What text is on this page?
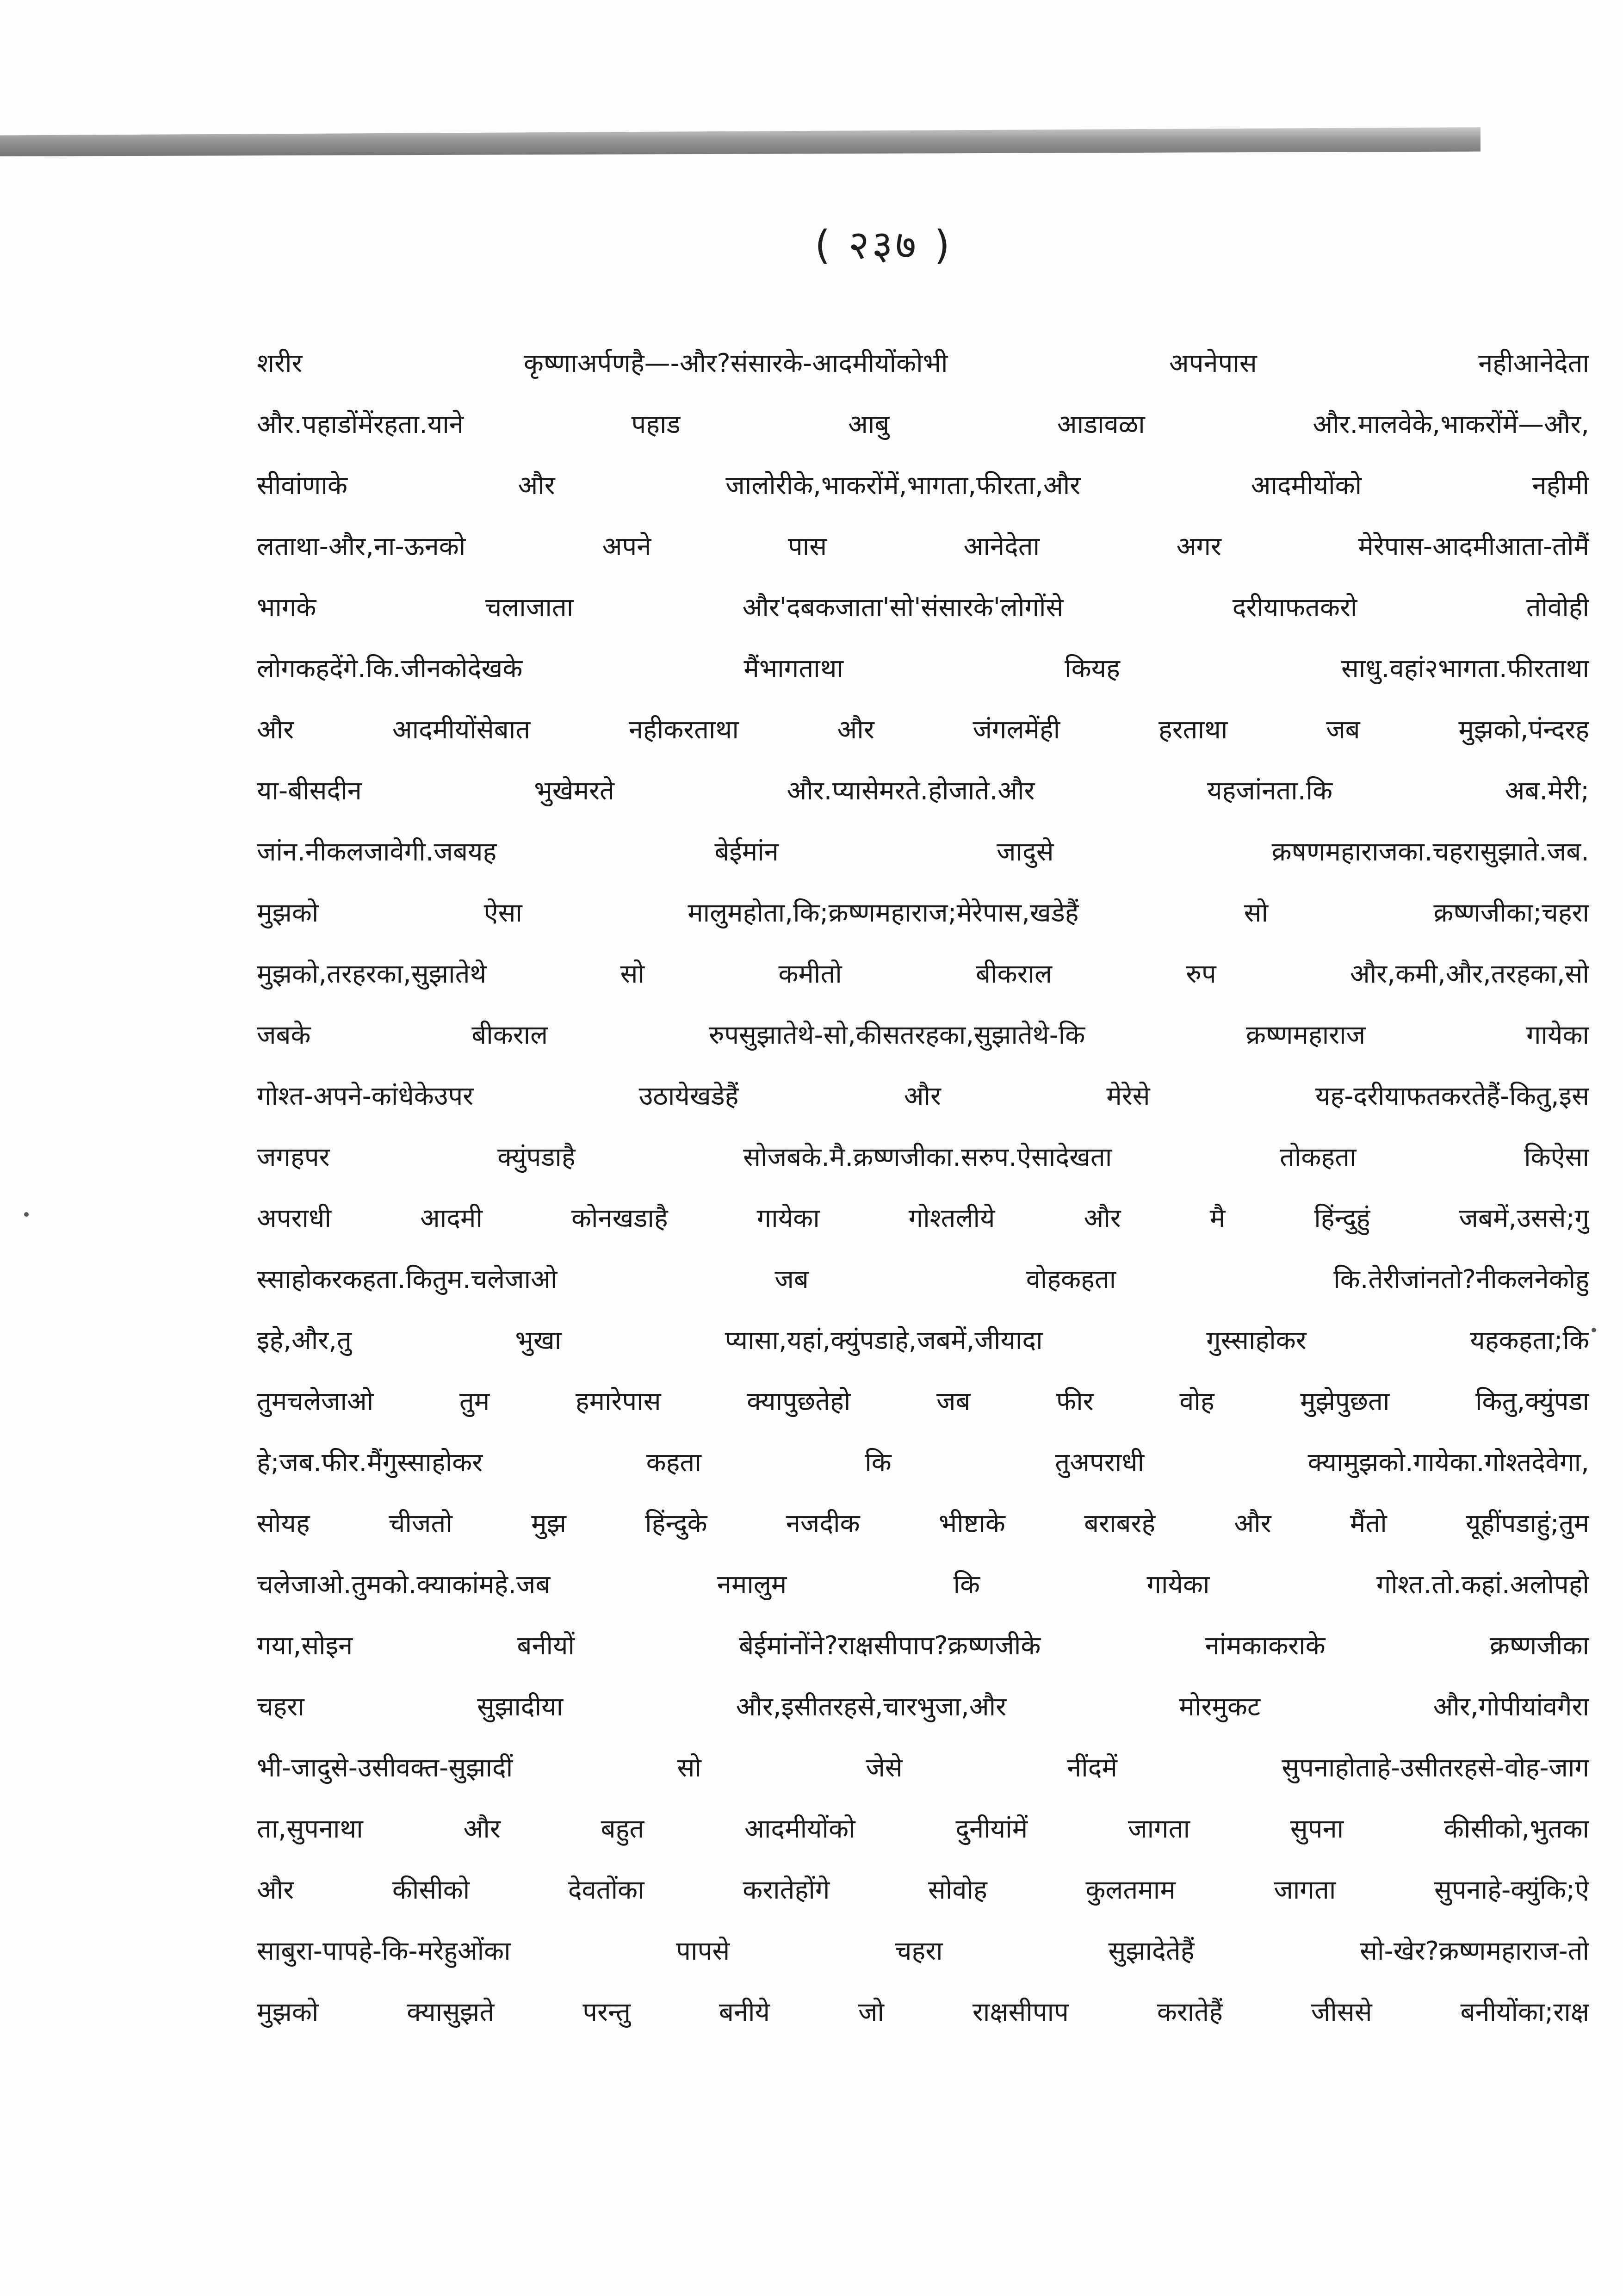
( २३७ )
शरीर कृष्णाअर्पणहै—-और?संसारके-आदमीयोंकोभी अपनेपास नहीआनेदेता
और.पहाडोंमेंरहता.याने पहाड आबु आडावळा और.मालवेके,भाकरोंमें—और,
सीवांणाके और जालोरीके,भाकरोंमें,भागता,फीरता,और आदमीयोंको नहीमी
लताथा-और,ना-ऊनको अपने पास आनेदेता अगर मेरेपास-आदमीआता-तोमैं
भागके चलाजाता और'दबकजाता'सो'संसारके'लोगोंसे दरीयाफतकरो तोवोही
लोगकहदेंगे.कि.जीनकोदेखके मैंभागताथा कियह साधु.वहां२भागता.फीरताथा
और आदमीयोंसेबात नहीकरताथा और जंगलमेंही हरताथा जब मुझको,पंन्दरह
या-बीसदीन भुखेमरते और.प्यासेमरते.होजाते.और यहजांनता.कि अब.मेरी;
जांन.नीकलजावेगी.जबयह बेईमांन जादुसे क्रषणमहाराजका.चहरासुझाते.जब.
मुझको ऐसा मालुमहोता,कि;क्रष्णमहाराज;मेरेपास,खडेहैं सो क्रष्णजीका;चहरा
मुझको,तरहरका,सुझातेथे सो कमीतो बीकराल रुप और,कमी,और,तरहका,सो
जबके बीकराल रुपसुझातेथे-सो,कीसतरहका,सुझातेथे-कि क्रष्णमहाराज गायेका
गोश्त-अपने-कांधेकेउपर उठायेखडेहैं और मेरेसे यह-दरीयाफतकरतेहैं-कितु,इस
जगहपर क्युंपडाहै सोजबके.मै.क्रष्णजीका.सरुप.ऐसादेखता तोकहता किऐसा
अपराधी आदमी कोनखडाहै गायेका गोश्तलीये और मै हिंन्दुहुं जबमें,उससे;गु
स्साहोकरकहता.कितुम.चलेजाओ जब वोहकहता कि.तेरीजांनतो?नीकलनेकोहु
इहे,और,तु भुखा प्यासा,यहां,क्युंपडाहे,जबमें,जीयादा गुस्साहोकर यहकहता;कि
तुमचलेजाओ तुम हमारेपास क्यापुछतेहो जब फीर वोह मुझेपुछता कितु,क्युंपडा
हे;जब.फीर.मैंगुस्साहोकर कहता कि तुअपराधी क्यामुझको.गायेका.गोश्तदेवेगा,
सोयह चीजतो मुझ हिंन्दुके नजदीक भीष्टाके बराबरहे और मैंतो यूहींपडाहुं;तुम
चलेजाओ.तुमको.क्याकांमहे.जब नमालुम कि गायेका गोश्त.तो.कहां.अलोपहो
गया,सोइन बनीयों बेईमांनोंने?राक्षसीपाप?क्रष्णजीके नांमकाकराके क्रष्णजीका
चहरा सुझादीया और,इसीतरहसे,चारभुजा,और मोरमुकट और,गोपीयांवगैरा
भी-जादुसे-उसीवक्त-सुझादीं सो जेसे नींदमें सुपनाहोताहे-उसीतरहसे-वोह-जाग
ता,सुपनाथा और बहुत आदमीयोंको दुनीयांमें जागता सुपना कीसीको,भुतका
और कीसीको देवतोंका करातेहोंगे सोवोह कुलतमाम जागता सुपनाहे-क्युंकि;ऐ
साबुरा-पापहे-कि-मरेहुओंका पापसे चहरा सुझादेतेहैं सो-खेर?क्रष्णमहाराज-तो
मुझको क्यासुझते परन्तु बनीये जो राक्षसीपाप करातेहैं जीससे बनीयोंका;राक्ष
